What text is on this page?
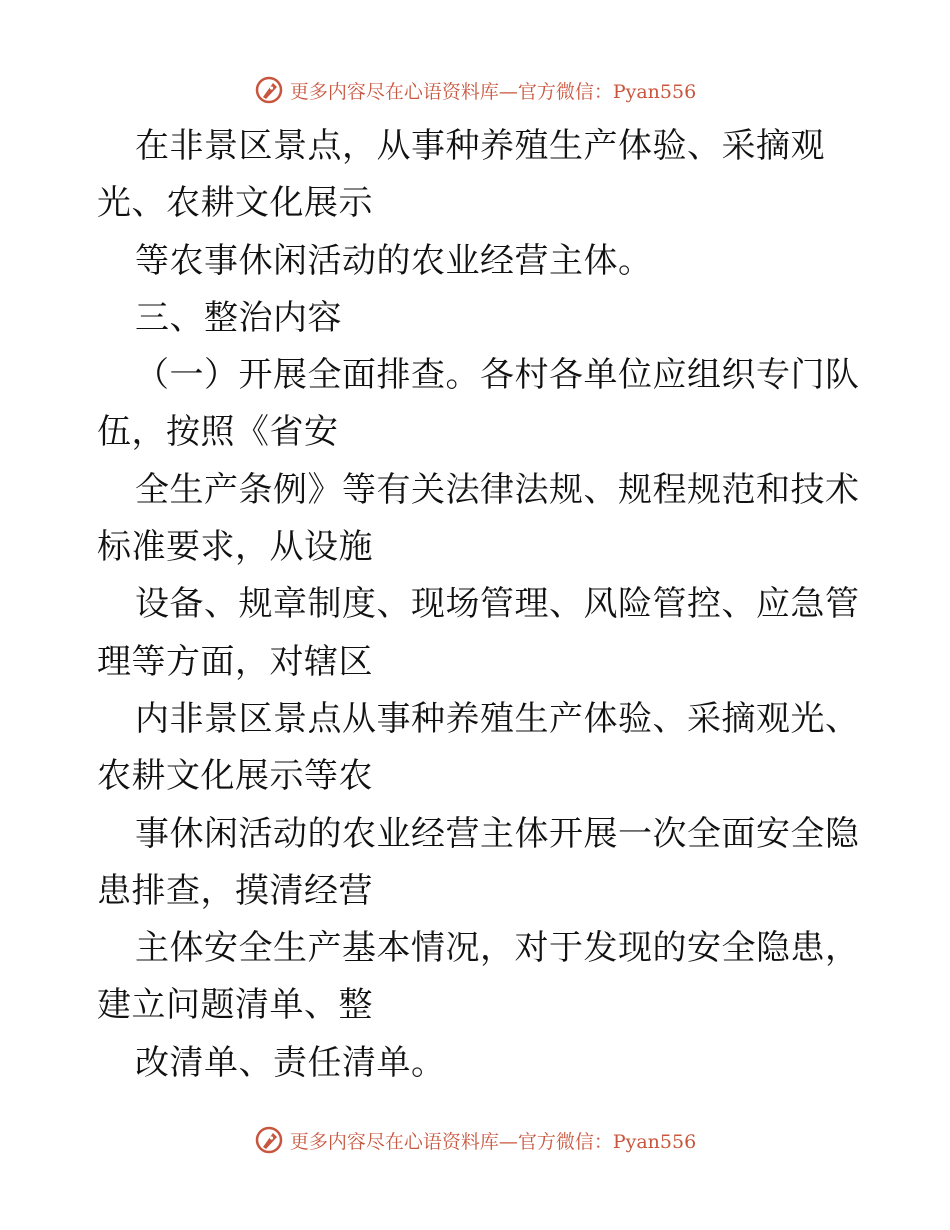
更多内容尽在心语资料库—官方微信：Pyan556
在非景区景点，从事种养殖生产体验、采摘观
光、农耕文化展示
等农事休闲活动的农业经营主体。
三、整治内容
（一）开展全面排查。各村各单位应组织专门队
伍，按照《省安
全生产条例》等有关法律法规、规程规范和技术
标准要求，从设施
设备、规章制度、现场管理、风险管控、应急管
理等方面，对辖区
内非景区景点从事种养殖生产体验、采摘观光、
农耕文化展示等农
事休闲活动的农业经营主体开展一次全面安全隐
患排查，摸清经营
主体安全生产基本情况，对于发现的安全隐患，
建立问题清单、整
改清单、责任清单。
更多内容尽在心语资料库—官方微信：Pyan556
